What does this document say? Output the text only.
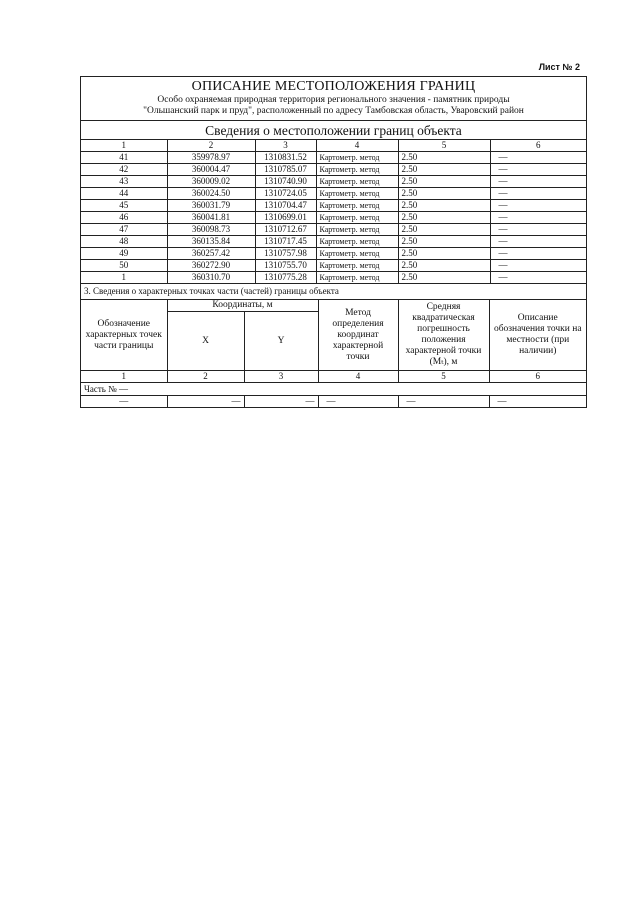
Лист № 2
ОПИСАНИЕ МЕСТОПОЛОЖЕНИЯ ГРАНИЦ
Особо охраняемая природная территория регионального значения - памятник природы
"Ольшанский парк и пруд", расположенный по адресу Тамбовская область, Уваровский район
Сведения о местоположении границ объекта
1	2	3	4	5	6
41	359978.97	1310831.52	Картометр. метод	2.50	—
42	360004.47	1310785.07	Картометр. метод	2.50	—
43	360009.02	1310740.90	Картометр. метод	2.50	—
44	360024.50	1310724.05	Картометр. метод	2.50	—
45	360031.79	1310704.47	Картометр. метод	2.50	—
46	360041.81	1310699.01	Картометр. метод	2.50	—
47	360098.73	1310712.67	Картометр. метод	2.50	—
48	360135.84	1310717.45	Картометр. метод	2.50	—
49	360257.42	1310757.98	Картометр. метод	2.50	—
50	360272.90	1310755.70	Картометр. метод	2.50	—
1	360310.70	1310775.28	Картометр. метод	2.50	—
3. Сведения о характерных точках части (частей) границы объекта
Обозначение характерных точек части границы	Координаты, м		Метод определения координат характерной точки	Средняя квадратическая погрешность положения характерной точки (Мₜ), м	Описание обозначения точки на местности (при наличии)
	X	Y			
1	2	3	4	5	6
Часть № —					
—	—	—	—	—	—
